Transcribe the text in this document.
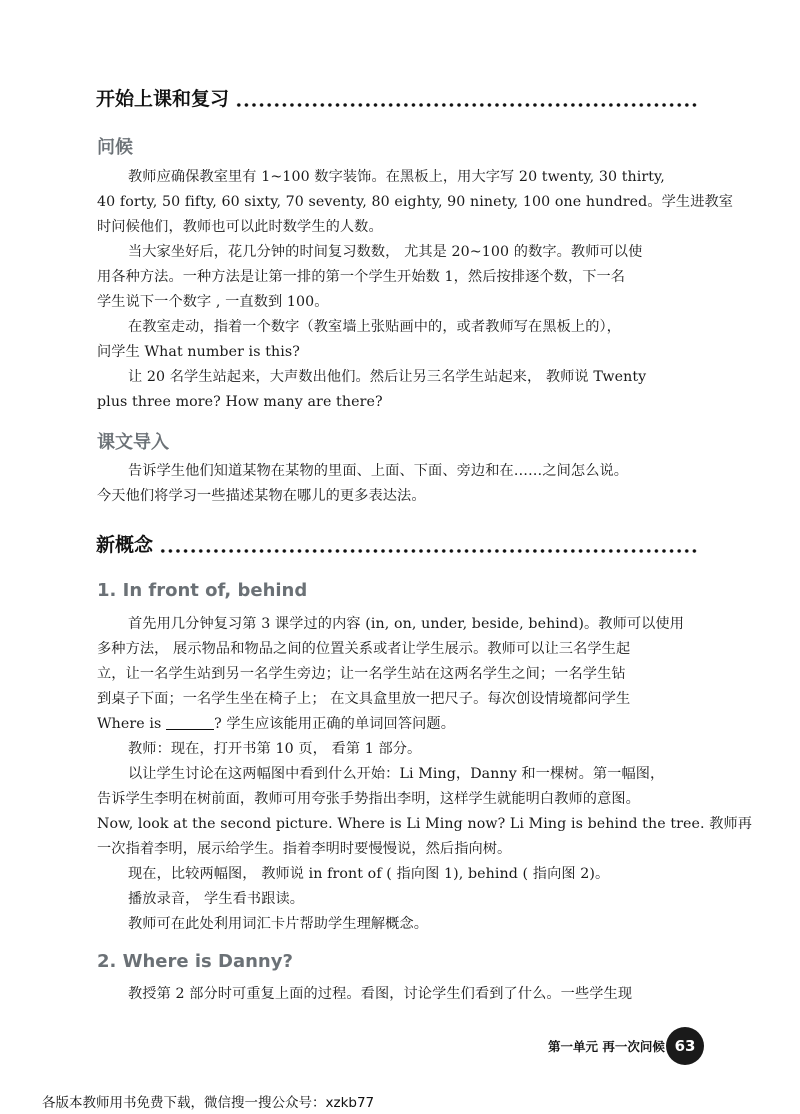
开始上课和复习
问候
教师应确保教室里有 1~100 数字装饰。在黑板上，用大字写 20 twenty, 30 thirty,
40 forty, 50 fifty, 60 sixty, 70 seventy, 80 eighty, 90 ninety, 100 one hundred。学生进教室
时问候他们，教师也可以此时数学生的人数。
当大家坐好后，花几分钟的时间复习数数， 尤其是 20~100 的数字。教师可以使
用各种方法。一种方法是让第一排的第一个学生开始数 1，然后按排逐个数，下一名
学生说下一个数字 , 一直数到 100。
在教室走动，指着一个数字（教室墙上张贴画中的，或者教师写在黑板上的），
问学生 What number is this?
让 20 名学生站起来，大声数出他们。然后让另三名学生站起来， 教师说 Twenty
plus three more? How many are there?
课文导入
告诉学生他们知道某物在某物的里面、上面、下面、旁边和在……之间怎么说。
今天他们将学习一些描述某物在哪儿的更多表达法。
新概念
1. In front of, behind
首先用几分钟复习第 3 课学过的内容 (in, on, under, beside, behind)。教师可以使用
多种方法， 展示物品和物品之间的位置关系或者让学生展示。教师可以让三名学生起
立，让一名学生站到另一名学生旁边；让一名学生站在这两名学生之间；一名学生钻
到桌子下面；一名学生坐在椅子上； 在文具盒里放一把尺子。每次创设情境都问学生
Where is	? 学生应该能用正确的单词回答问题。
教师：现在，打开书第 10 页， 看第 1 部分。
以让学生讨论在这两幅图中看到什么开始：Li Ming，Danny 和一棵树。第一幅图，
告诉学生李明在树前面，教师可用夸张手势指出李明，这样学生就能明白教师的意图。
Now, look at the second picture. Where is Li Ming now? Li Ming is behind the tree. 教师再
一次指着李明，展示给学生。指着李明时要慢慢说，然后指向树。
现在，比较两幅图， 教师说 in front of ( 指向图 1), behind ( 指向图 2)。
播放录音， 学生看书跟读。
教师可在此处利用词汇卡片帮助学生理解概念。
2. Where is Danny?
教授第 2 部分时可重复上面的过程。看图，讨论学生们看到了什么。一些学生现
第一单元 再一次问候 63
各版本教师用书免费下载，微信搜一搜公众号：xzkb77
